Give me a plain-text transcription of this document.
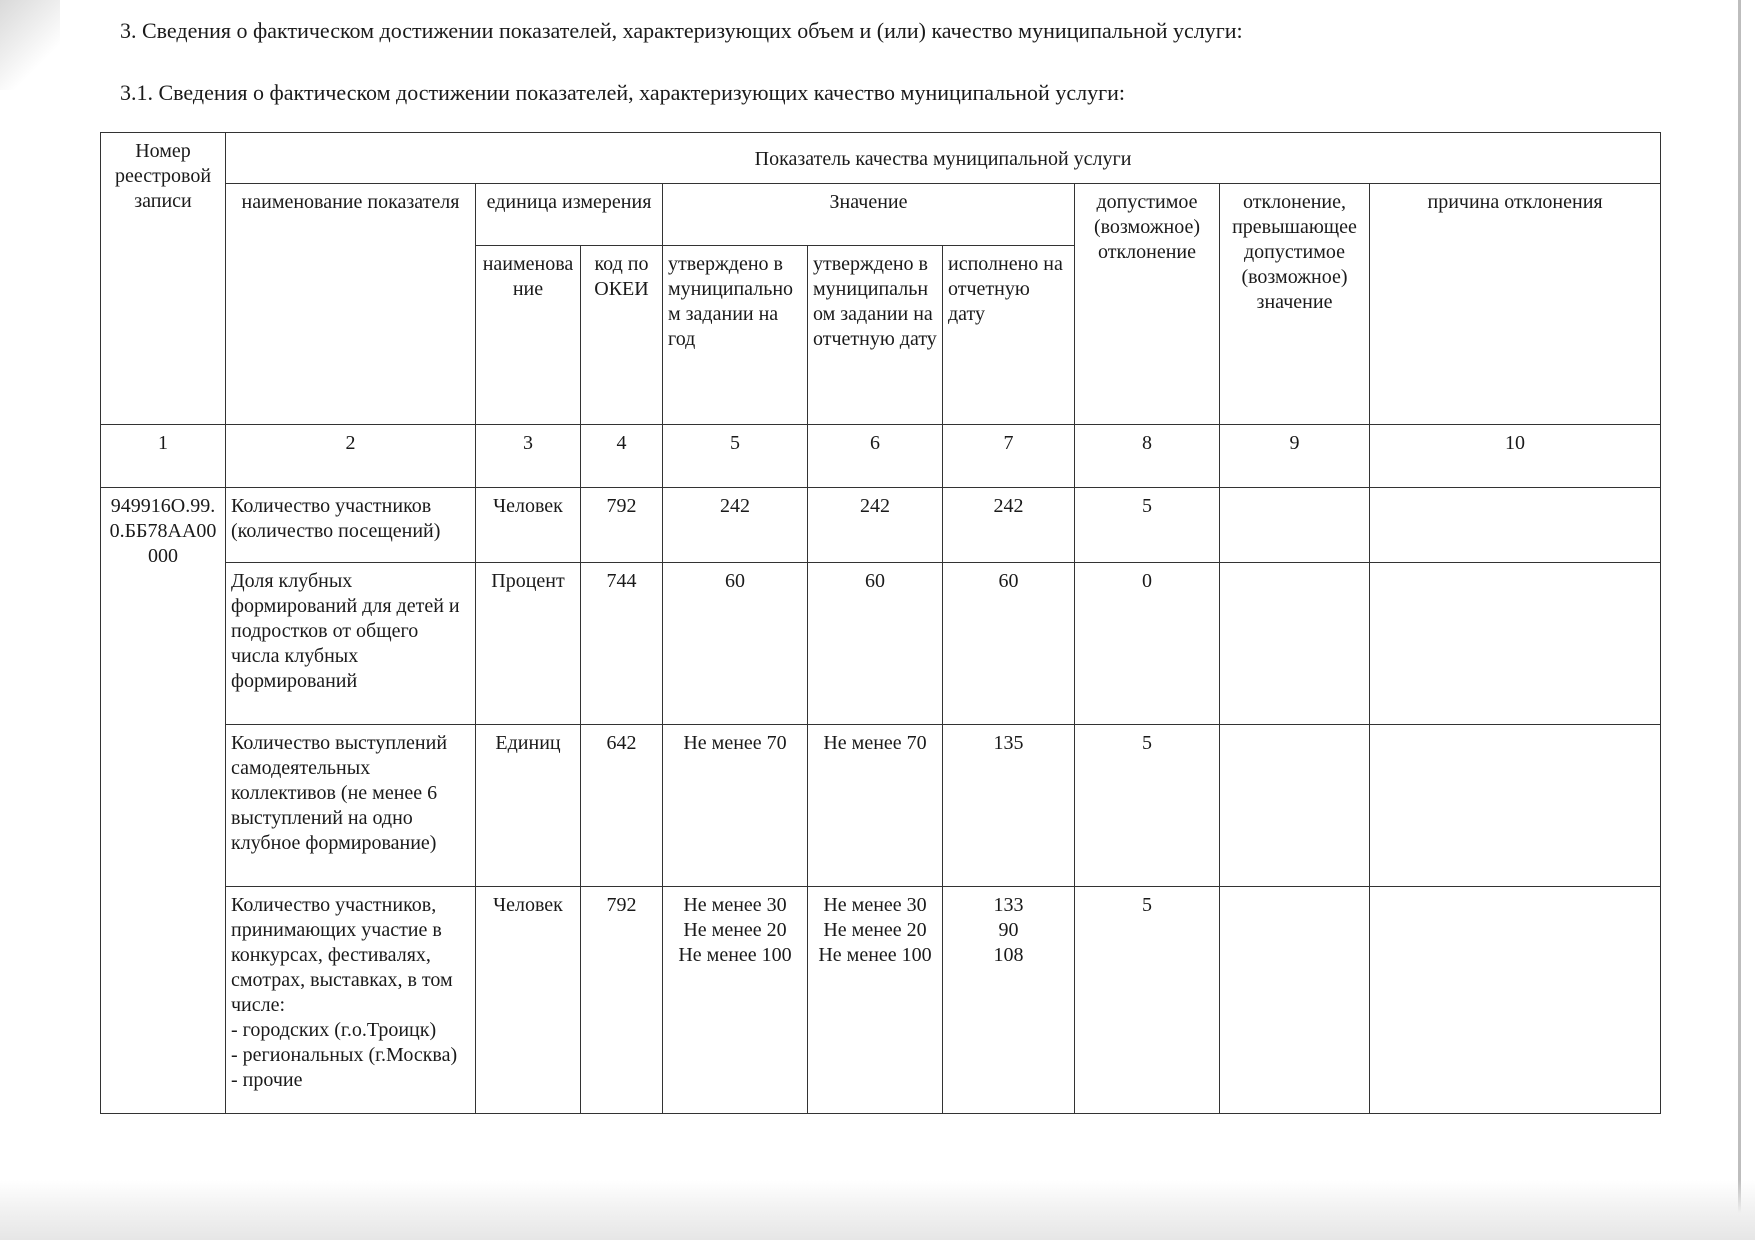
3. Сведения о фактическом достижении показателей, характеризующих объем и (или) качество муниципальной услуги:
3.1. Сведения о фактическом достижении показателей, характеризующих качество муниципальной услуги:
Номер реестровой записи	Показатель качества муниципальной услуги								
	наименование показателя	единица измерения		Значение			допустимое (возможное) отклонение	отклонение, превышающее допустимое (возможное) значение	причина отклонения
		наименова ние	код по ОКЕИ	утверждено в муниципально м задании на год	утверждено в муниципальн ом задании на отчетную дату	исполнено на отчетную дату			
1	2	3	4	5	6	7	8	9	10
949916О.99.0.ББ78АА00000	Количество участников (количество посещений)	Человек	792	242	242	242	5		
	Доля клубных формирований для детей и подростков от общего числа клубных формирований	Процент	744	60	60	60	0		
	Количество выступлений самодеятельных коллективов (не менее 6 выступлений на одно клубное формирование)	Единиц	642	Не менее 70	Не менее 70	135	5		
	Количество участников, принимающих участие в конкурсах, фестивалях, смотрах, выставках, в том числе:
- городских (г.о.Троицк)
- региональных (г.Москва)
- прочие	Человек	792	Не менее 30
Не менее 20
Не менее 100	Не менее 30
Не менее 20
Не менее 100	133
90
108	5		
